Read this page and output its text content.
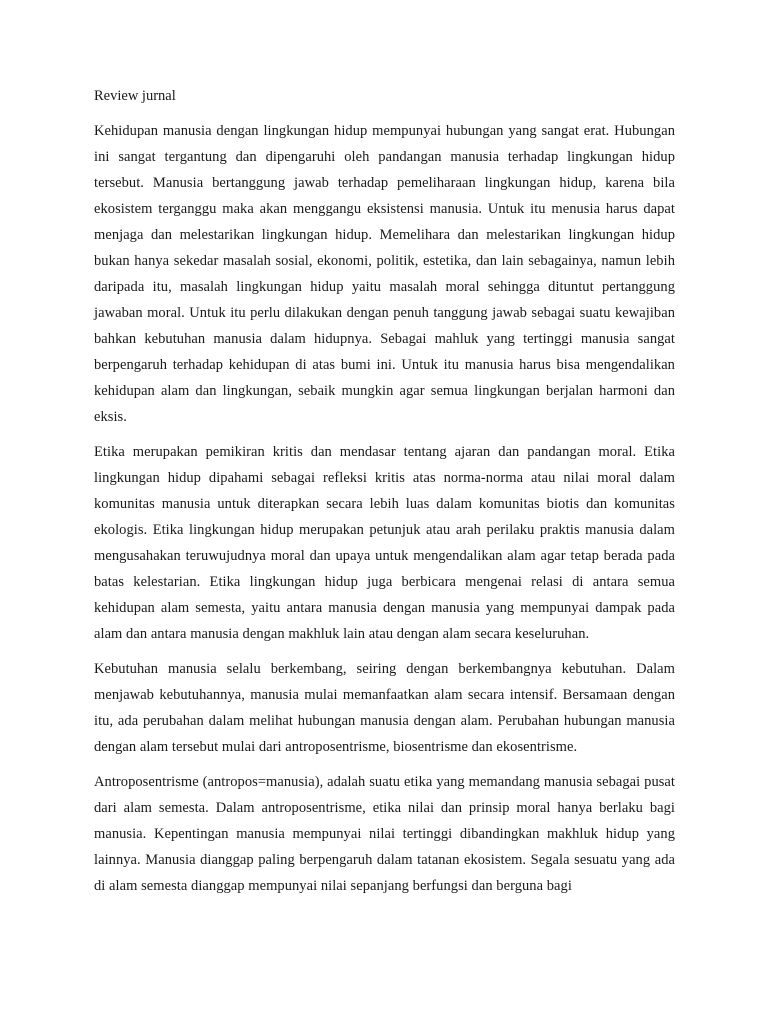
Review jurnal

Kehidupan manusia dengan lingkungan hidup mempunyai hubungan yang sangat erat. Hubungan ini sangat tergantung dan dipengaruhi oleh pandangan manusia terhadap lingkungan hidup tersebut. Manusia bertanggung jawab terhadap pemeliharaan lingkungan hidup, karena bila ekosistem terganggu maka akan menggangu eksistensi manusia. Untuk itu menusia harus dapat menjaga dan melestarikan lingkungan hidup. Memelihara dan melestarikan lingkungan hidup bukan hanya sekedar masalah sosial, ekonomi, politik, estetika, dan lain sebagainya, namun lebih daripada itu, masalah lingkungan hidup yaitu masalah moral sehingga dituntut pertanggung jawaban moral. Untuk itu perlu dilakukan dengan penuh tanggung jawab sebagai suatu kewajiban bahkan kebutuhan manusia dalam hidupnya. Sebagai mahluk yang tertinggi manusia sangat berpengaruh terhadap kehidupan di atas bumi ini. Untuk itu manusia harus bisa mengendalikan kehidupan alam dan lingkungan, sebaik mungkin agar semua lingkungan berjalan harmoni dan eksis.

Etika merupakan pemikiran kritis dan mendasar tentang ajaran dan pandangan moral. Etika lingkungan hidup dipahami sebagai refleksi kritis atas norma-norma atau nilai moral dalam komunitas manusia untuk diterapkan secara lebih luas dalam komunitas biotis dan komunitas ekologis. Etika lingkungan hidup merupakan petunjuk atau arah perilaku praktis manusia dalam mengusahakan teruwujudnya moral dan upaya untuk mengendalikan alam agar tetap berada pada batas kelestarian. Etika lingkungan hidup juga berbicara mengenai relasi di antara semua kehidupan alam semesta, yaitu antara manusia dengan manusia yang mempunyai dampak pada alam dan antara manusia dengan makhluk lain atau dengan alam secara keseluruhan.

Kebutuhan manusia selalu berkembang, seiring dengan berkembangnya kebutuhan. Dalam menjawab kebutuhannya, manusia mulai memanfaatkan alam secara intensif. Bersamaan dengan itu, ada perubahan dalam melihat hubungan manusia dengan alam. Perubahan hubungan manusia dengan alam tersebut mulai dari antroposentrisme, biosentrisme dan ekosentrisme.

Antroposentrisme (antropos=manusia), adalah suatu etika yang memandang manusia sebagai pusat dari alam semesta. Dalam antroposentrisme, etika nilai dan prinsip moral hanya berlaku bagi manusia. Kepentingan manusia mempunyai nilai tertinggi dibandingkan makhluk hidup yang lainnya. Manusia dianggap paling berpengaruh dalam tatanan ekosistem. Segala sesuatu yang ada di alam semesta dianggap mempunyai nilai sepanjang berfungsi dan berguna bagi
